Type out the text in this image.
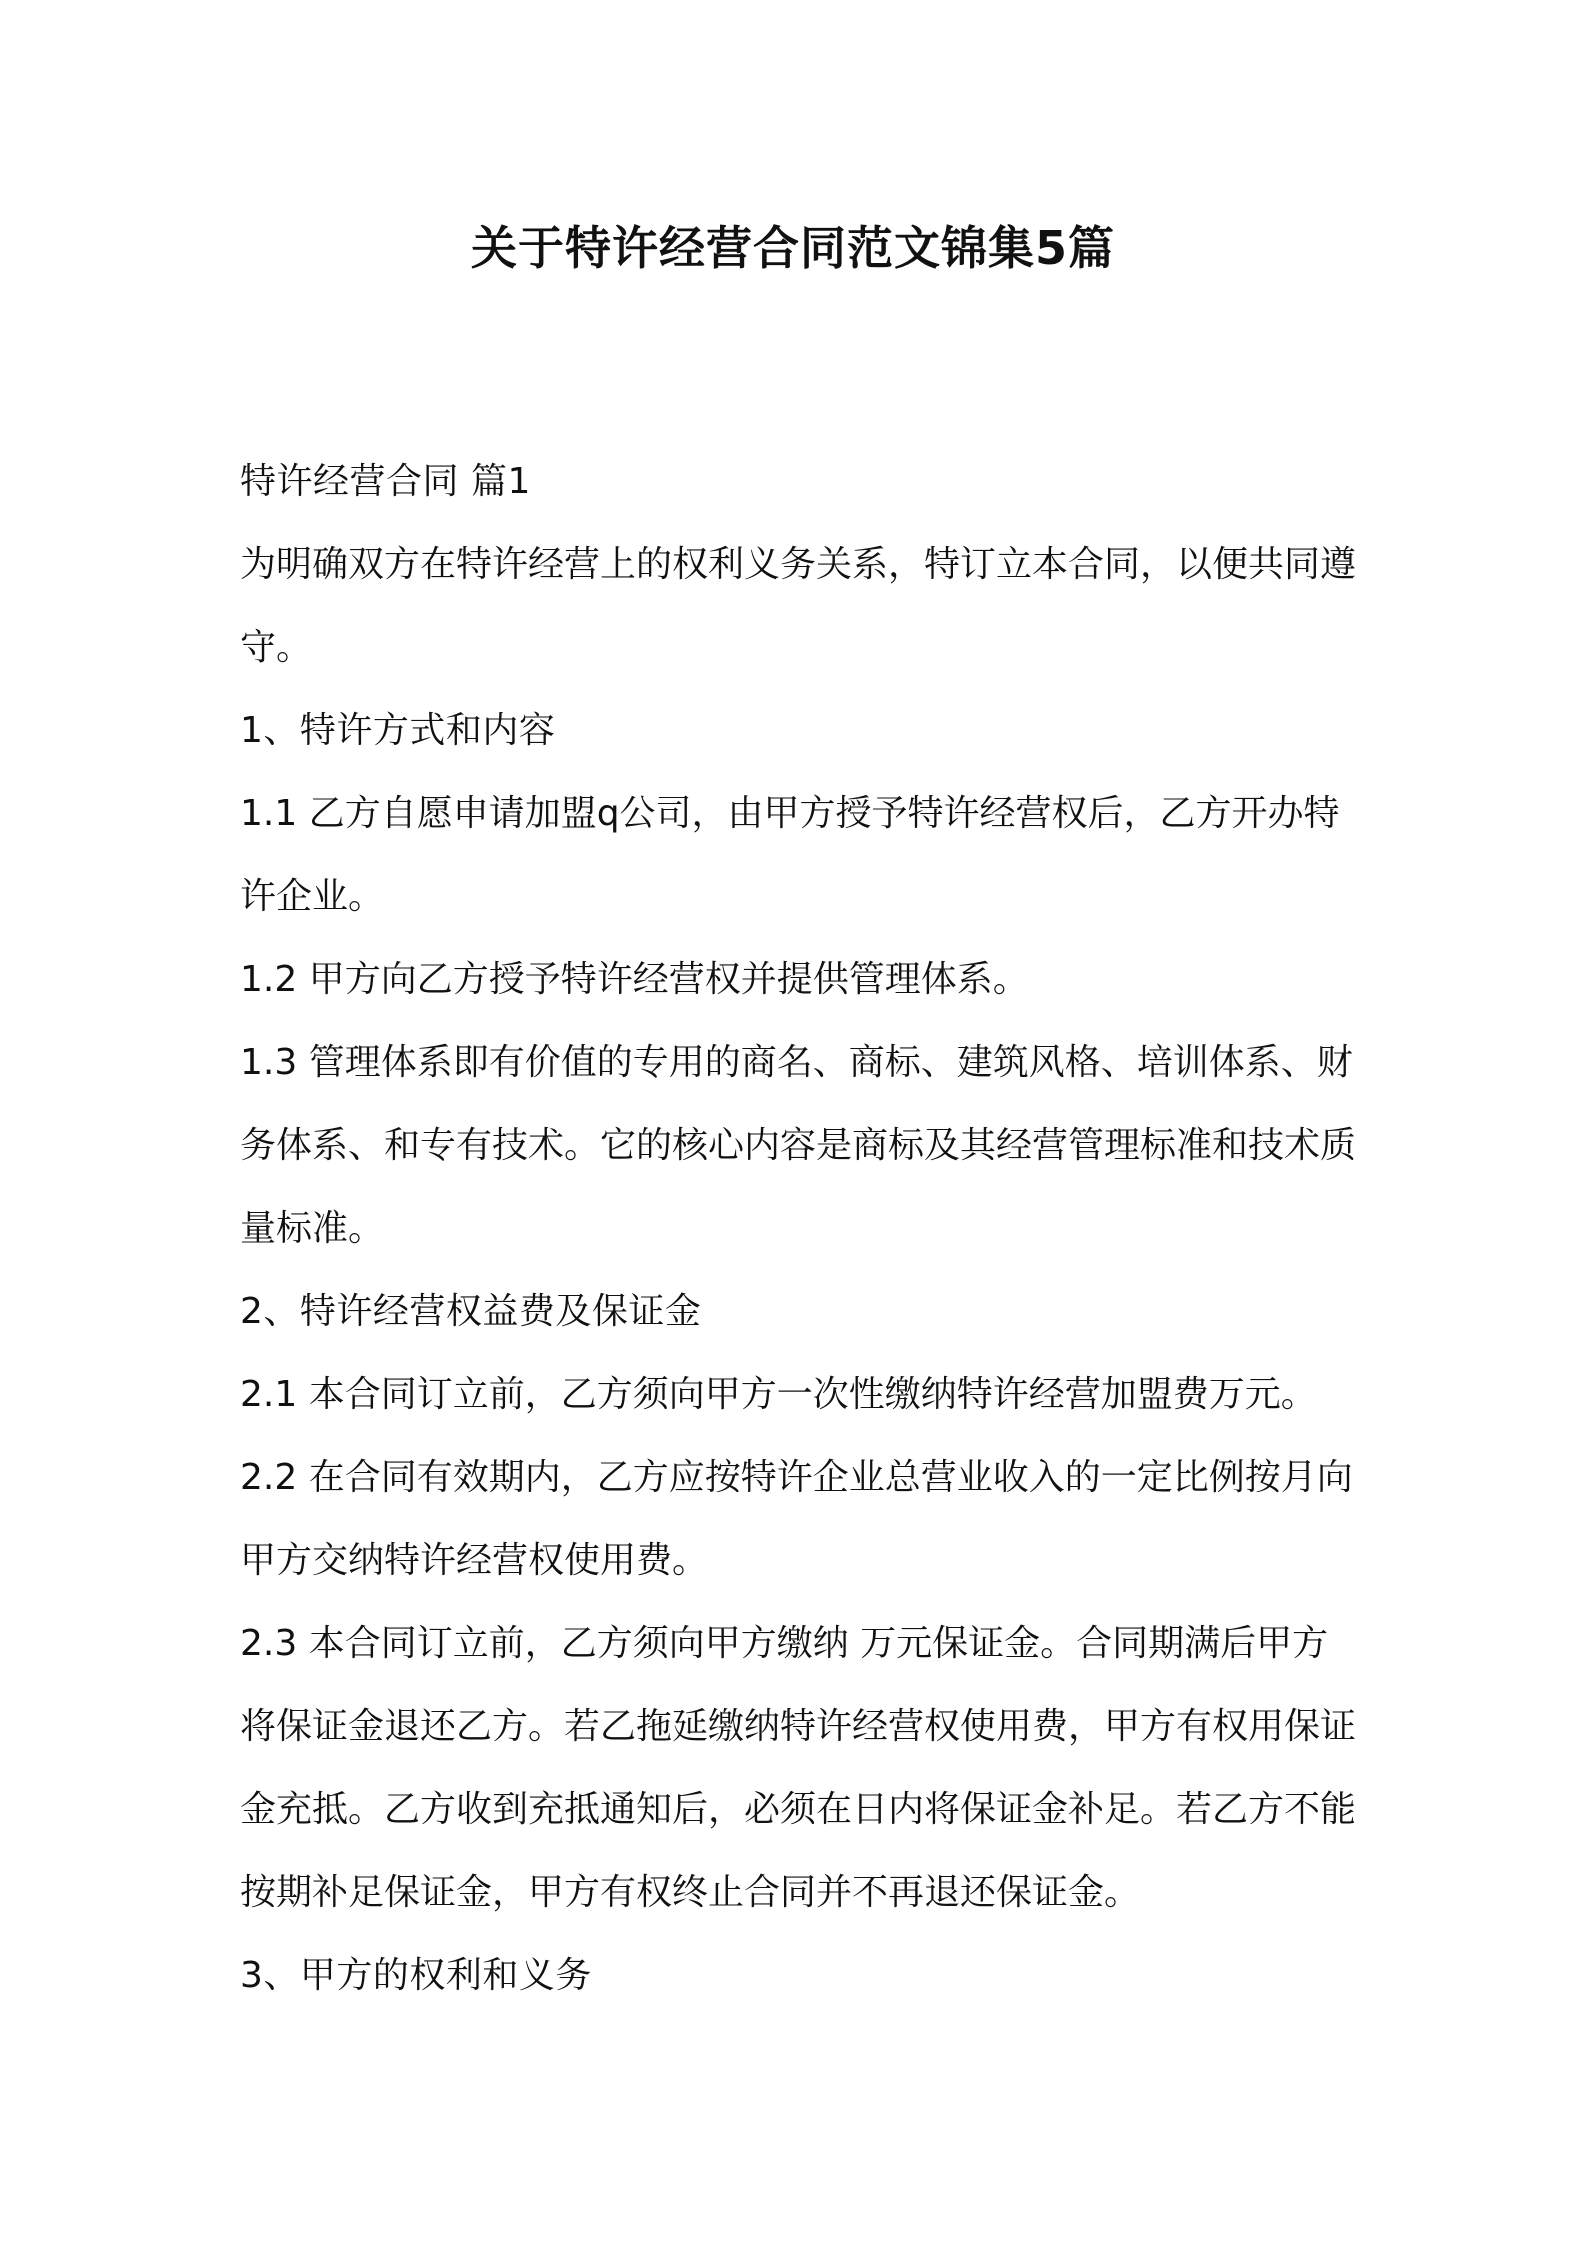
关于特许经营合同范文锦集5篇

特许经营合同 篇1

为明确双方在特许经营上的权利义务关系，特订立本合同，以便共同遵守。

1、特许方式和内容

1.1 乙方自愿申请加盟q公司，由甲方授予特许经营权后，乙方开办特许企业。

1.2 甲方向乙方授予特许经营权并提供管理体系。

1.3 管理体系即有价值的专用的商名、商标、建筑风格、培训体系、财务体系、和专有技术。它的核心内容是商标及其经营管理标准和技术质量标准。

2、特许经营权益费及保证金

2.1 本合同订立前，乙方须向甲方一次性缴纳特许经营加盟费万元。

2.2 在合同有效期内，乙方应按特许企业总营业收入的一定比例按月向甲方交纳特许经营权使用费。

2.3 本合同订立前，乙方须向甲方缴纳 万元保证金。合同期满后甲方将保证金退还乙方。若乙拖延缴纳特许经营权使用费，甲方有权用保证金充抵。乙方收到充抵通知后，必须在日内将保证金补足。若乙方不能按期补足保证金，甲方有权终止合同并不再退还保证金。

3、甲方的权利和义务
